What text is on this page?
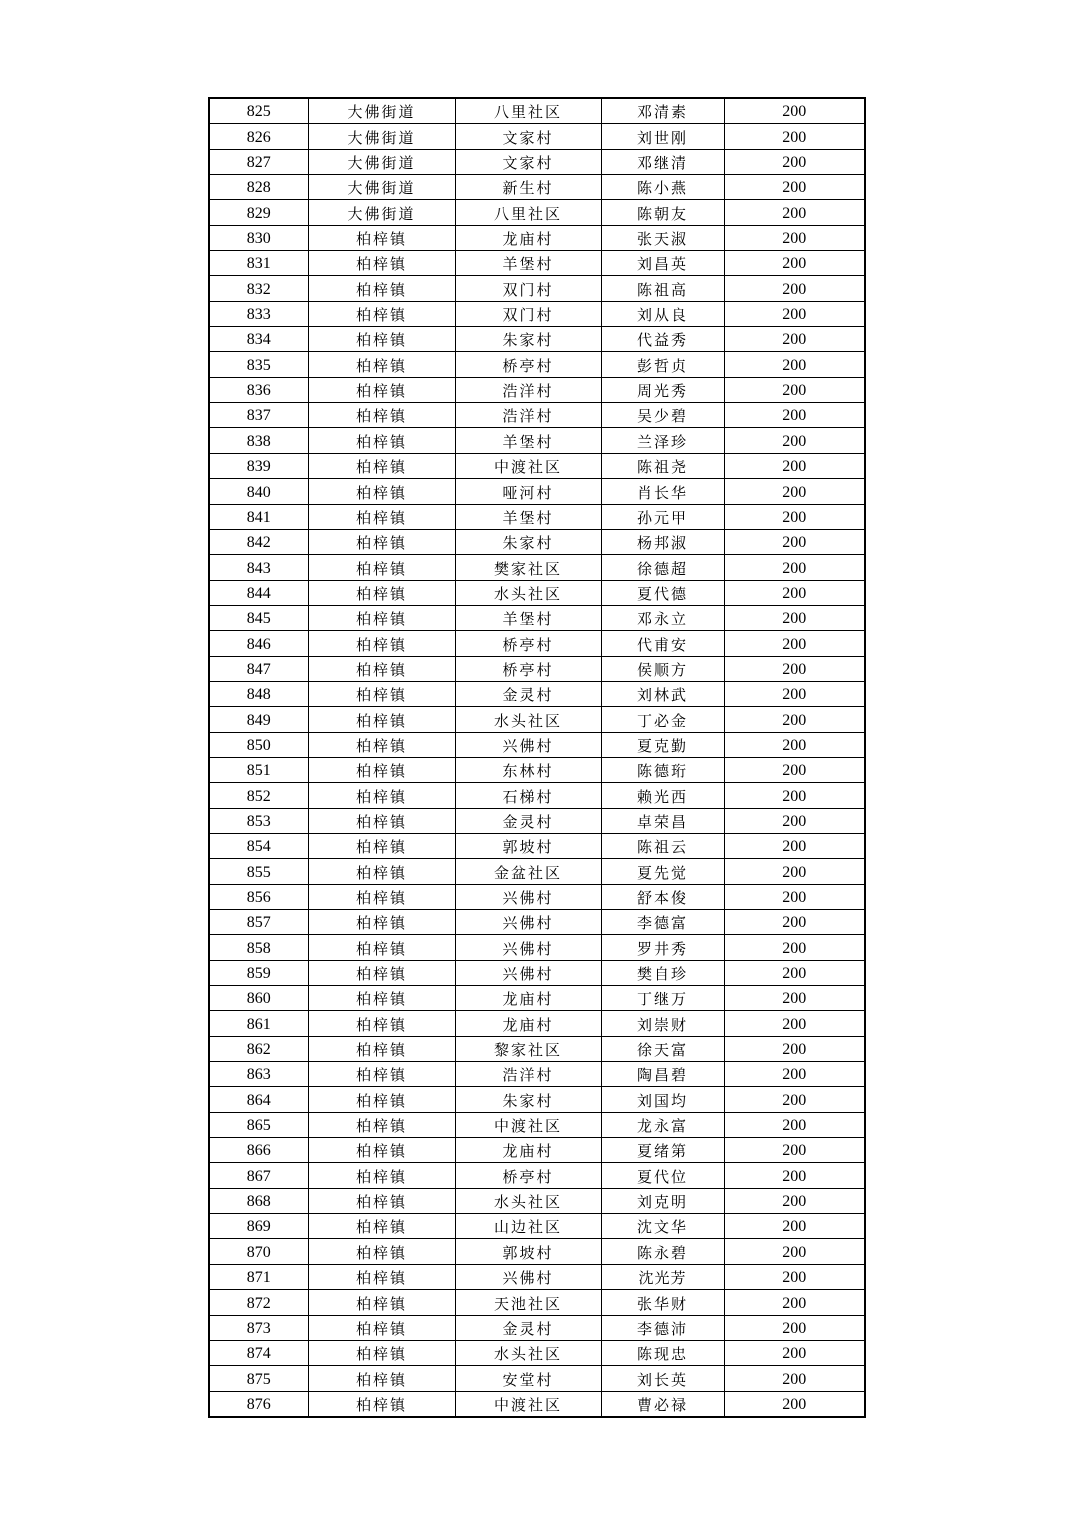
825	大佛街道	八里社区	邓清素	200
826	大佛街道	文家村	刘世刚	200
827	大佛街道	文家村	邓继清	200
828	大佛街道	新生村	陈小燕	200
829	大佛街道	八里社区	陈朝友	200
830	柏梓镇	龙庙村	张天淑	200
831	柏梓镇	羊堡村	刘昌英	200
832	柏梓镇	双门村	陈祖高	200
833	柏梓镇	双门村	刘从良	200
834	柏梓镇	朱家村	代益秀	200
835	柏梓镇	桥亭村	彭哲贞	200
836	柏梓镇	浩洋村	周光秀	200
837	柏梓镇	浩洋村	吴少碧	200
838	柏梓镇	羊堡村	兰泽珍	200
839	柏梓镇	中渡社区	陈祖尧	200
840	柏梓镇	哑河村	肖长华	200
841	柏梓镇	羊堡村	孙元甲	200
842	柏梓镇	朱家村	杨邦淑	200
843	柏梓镇	樊家社区	徐德超	200
844	柏梓镇	水头社区	夏代德	200
845	柏梓镇	羊堡村	邓永立	200
846	柏梓镇	桥亭村	代甫安	200
847	柏梓镇	桥亭村	侯顺方	200
848	柏梓镇	金灵村	刘林武	200
849	柏梓镇	水头社区	丁必金	200
850	柏梓镇	兴佛村	夏克勤	200
851	柏梓镇	东林村	陈德珩	200
852	柏梓镇	石梯村	赖光西	200
853	柏梓镇	金灵村	卓荣昌	200
854	柏梓镇	郭坡村	陈祖云	200
855	柏梓镇	金盆社区	夏先觉	200
856	柏梓镇	兴佛村	舒本俊	200
857	柏梓镇	兴佛村	李德富	200
858	柏梓镇	兴佛村	罗井秀	200
859	柏梓镇	兴佛村	樊自珍	200
860	柏梓镇	龙庙村	丁继万	200
861	柏梓镇	龙庙村	刘崇财	200
862	柏梓镇	黎家社区	徐天富	200
863	柏梓镇	浩洋村	陶昌碧	200
864	柏梓镇	朱家村	刘国均	200
865	柏梓镇	中渡社区	龙永富	200
866	柏梓镇	龙庙村	夏绪第	200
867	柏梓镇	桥亭村	夏代位	200
868	柏梓镇	水头社区	刘克明	200
869	柏梓镇	山边社区	沈文华	200
870	柏梓镇	郭坡村	陈永碧	200
871	柏梓镇	兴佛村	沈光芳	200
872	柏梓镇	天池社区	张华财	200
873	柏梓镇	金灵村	李德沛	200
874	柏梓镇	水头社区	陈现忠	200
875	柏梓镇	安堂村	刘长英	200
876	柏梓镇	中渡社区	曹必禄	200
